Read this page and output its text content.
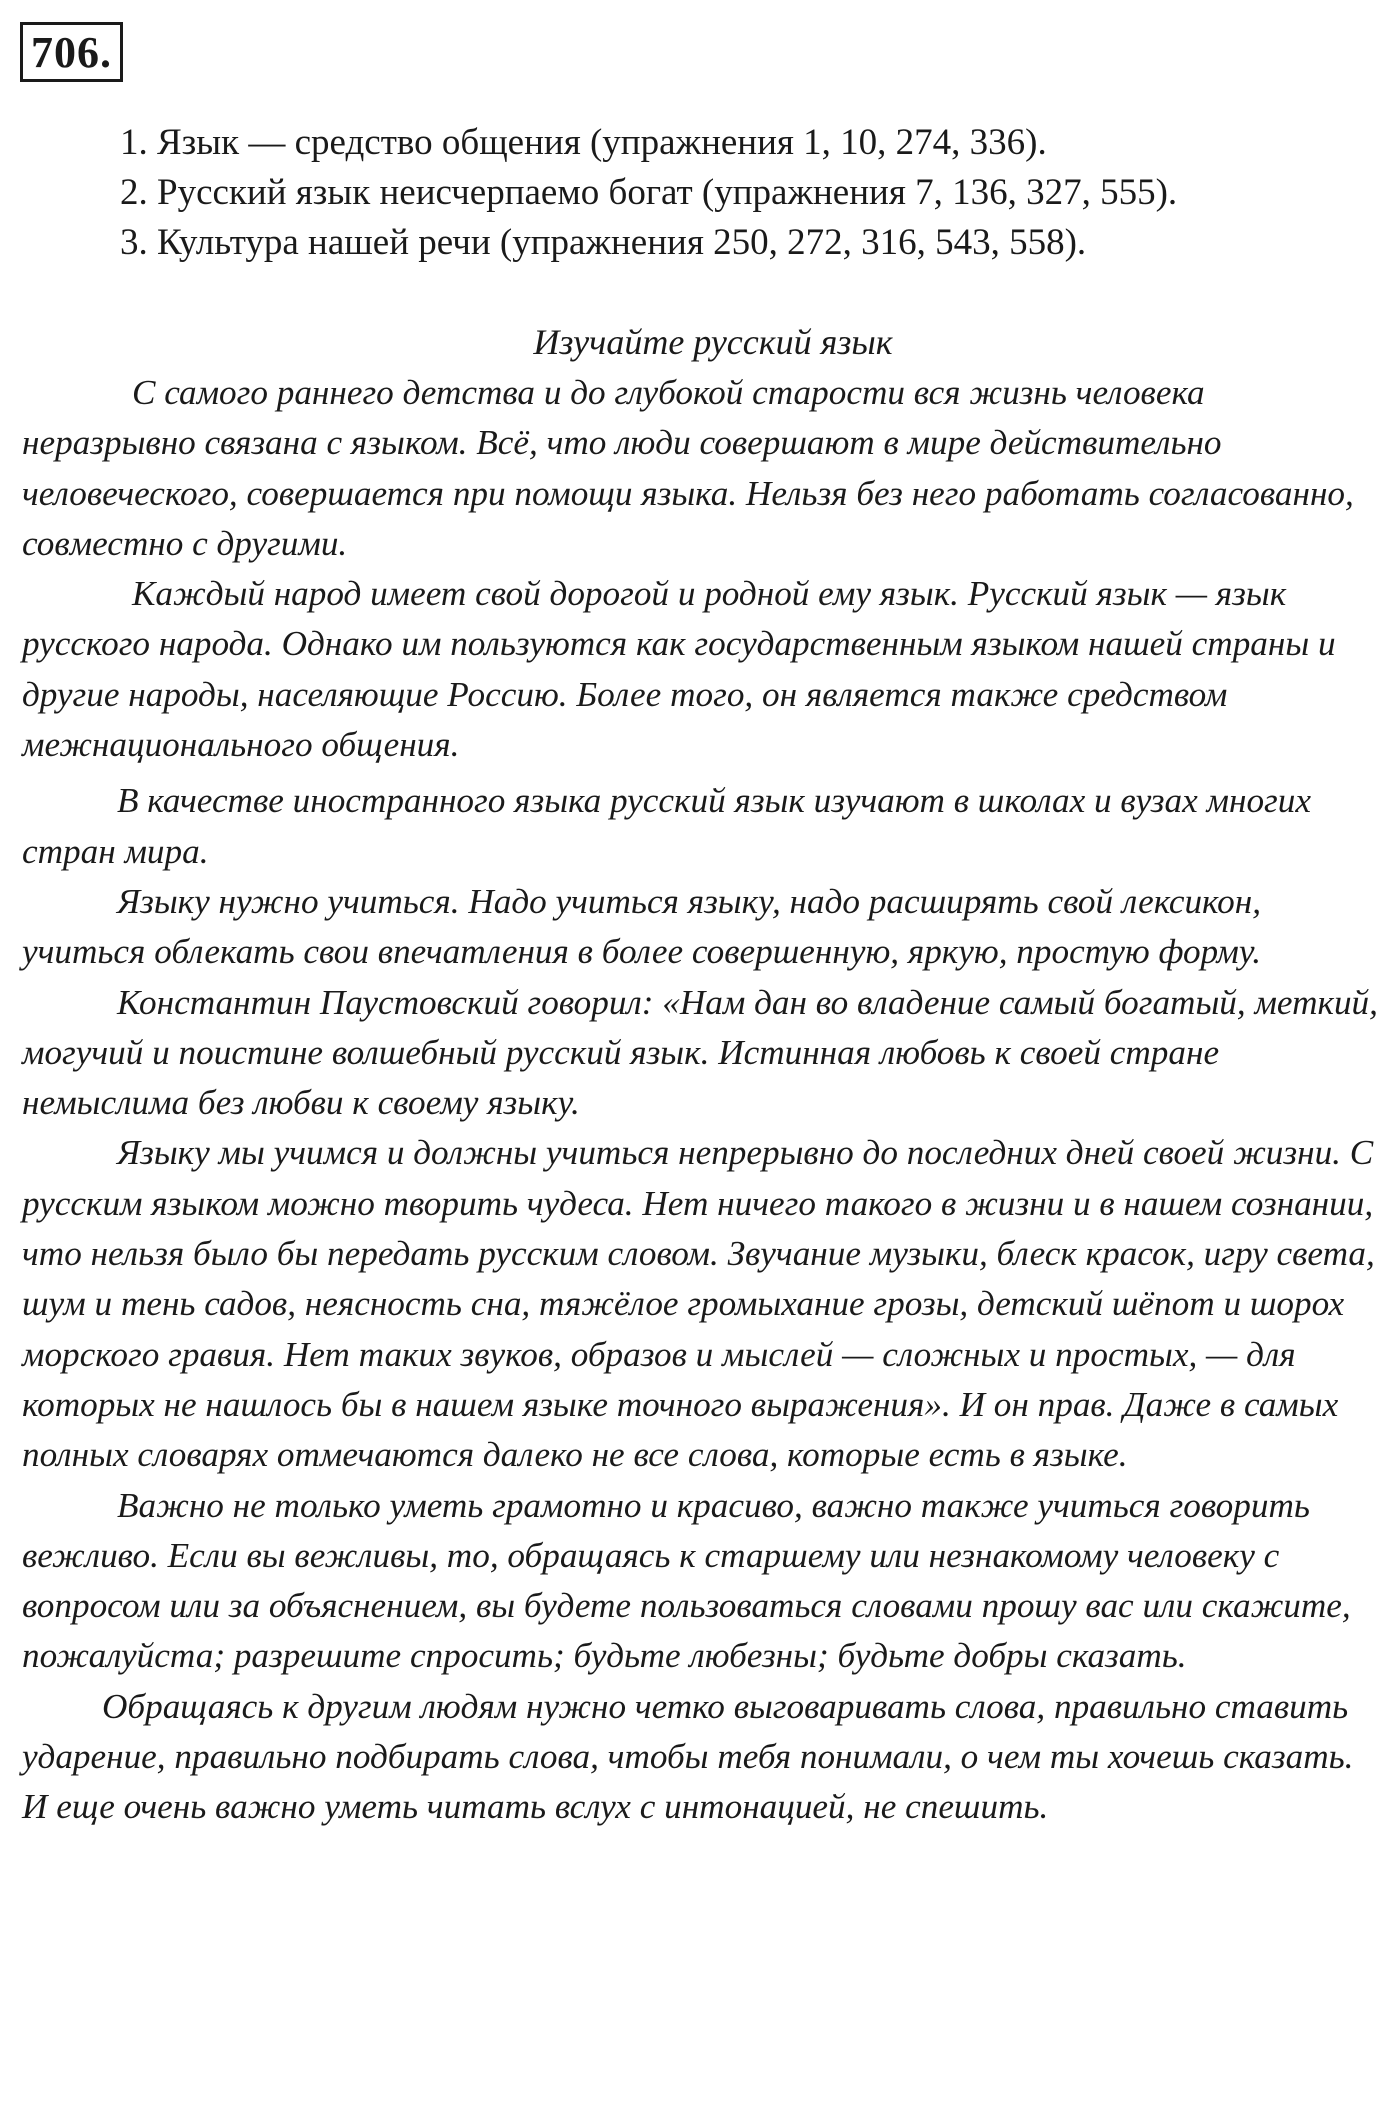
706.
1. Язык — средство общения (упражнения 1, 10, 274, 336).
2. Русский язык неисчерпаемо богат (упражнения 7, 136, 327, 555).
3. Культура нашей речи (упражнения 250, 272, 316, 543, 558).
Изучайте русский язык

С самого раннего детства и до глубокой старости вся жизнь человека неразрывно связана с языком. Всё, что люди совершают в мире действительно человеческого, совершается при помощи языка. Нельзя без него работать согласованно, совместно с другими.

Каждый народ имеет свой дорогой и родной ему язык. Русский язык — язык русского народа. Однако им пользуются как государственным языком нашей страны и другие народы, населяющие Россию. Более того, он является также средством межнационального общения.

В качестве иностранного языка русский язык изучают в школах и вузах многих стран мира.

Языку нужно учиться. Надо учиться языку, надо расширять свой лексикон, учиться облекать свои впечатления в более совершенную, яркую, простую форму.

Константин Паустовский говорил: «Нам дан во владение самый богатый, меткий, могучий и поистине волшебный русский язык. Истинная любовь к своей стране немыслима без любви к своему языку.

Языку мы учимся и должны учиться непрерывно до последних дней своей жизни. С русским языком можно творить чудеса. Нет ничего такого в жизни и в нашем сознании, что нельзя было бы передать русским словом. Звучание музыки, блеск красок, игру света, шум и тень садов, неясность сна, тяжёлое громыхание грозы, детский шёпот и шорох морского гравия. Нет таких звуков, образов и мыслей — сложных и простых, — для которых не нашлось бы в нашем языке точного выражения». И он прав. Даже в самых полных словарях отмечаются далеко не все слова, которые есть в языке.

Важно не только уметь грамотно и красиво, важно также учиться говорить вежливо. Если вы вежливы, то, обращаясь к старшему или незнакомому человеку с вопросом или за объяснением, вы будете пользоваться словами прошу вас или скажите, пожалуйста; разрешите спросить; будьте любезны; будьте добры сказать.

Обращаясь к другим людям нужно четко выговаривать слова, правильно ставить ударение, правильно подбирать слова, чтобы тебя понимали, о чем ты хочешь сказать. И еще очень важно уметь читать вслух с интонацией, не спешить.
